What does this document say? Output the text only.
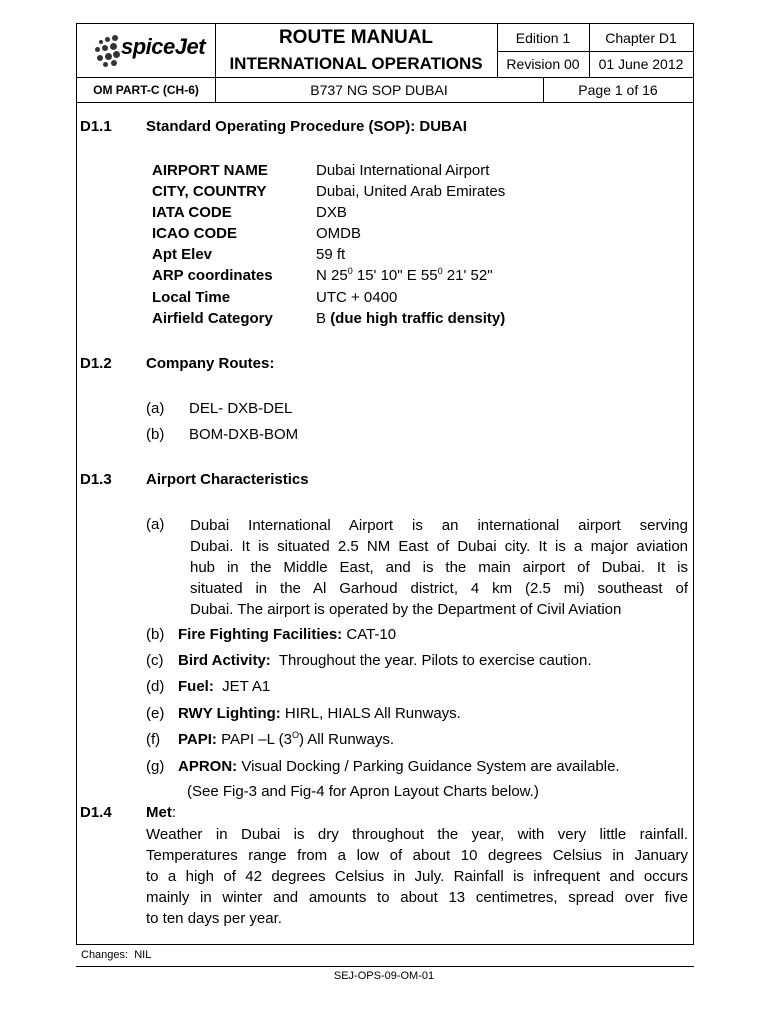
spiceJet
OM PART-C (CH-6)
ROUTE MANUAL
INTERNATIONAL OPERATIONS
B737 NG SOP DUBAI
Edition 1	Chapter D1
Revision 00	01 June 2012
Page 1 of 16
D1.1 Standard Operating Procedure (SOP): DUBAI
AIRPORT NAME	Dubai International Airport
CITY, COUNTRY	Dubai, United Arab Emirates
IATA CODE	DXB
ICAO CODE	OMDB
Apt Elev	59 ft
ARP coordinates	N $25^0$ 15' 10" E $55^0$ 21' 52"
Local Time	UTC + 0400
Airfield Category	B (due high traffic density)
D1.2 Company Routes:
(a) DEL- DXB-DEL
(b) BOM-DXB-BOM
D1.3 Airport Characteristics
(a) Dubai International Airport is an international airport serving
Dubai. It is situated 2.5 NM East of Dubai city. It is a major aviation
hub in the Middle East, and is the main airport of Dubai. It is
situated in the Al Garhoud district, 4 km (2.5 mi) southeast of
Dubai. The airport is operated by the Department of Civil Aviation
(b) Fire Fighting Facilities: CAT-10
(c) Bird Activity:  Throughout the year. Pilots to exercise caution.
(d) Fuel:  JET A1
(e) RWY Lighting: HIRL, HIALS All Runways.
(f) PAPI: PAPI –L $(3^O)$ All Runways.
(g) APRON: Visual Docking / Parking Guidance System are available.
(See Fig-3 and Fig-4 for Apron Layout Charts below.)
D1.4 Met:
Weather in Dubai is dry throughout the year, with very little rainfall.
Temperatures range from a low of about 10 degrees Celsius in January
to a high of 42 degrees Celsius in July. Rainfall is infrequent and occurs
mainly in winter and amounts to about 13 centimetres, spread over five
to ten days per year.
Changes:  NIL
SEJ-OPS-09-OM-01
